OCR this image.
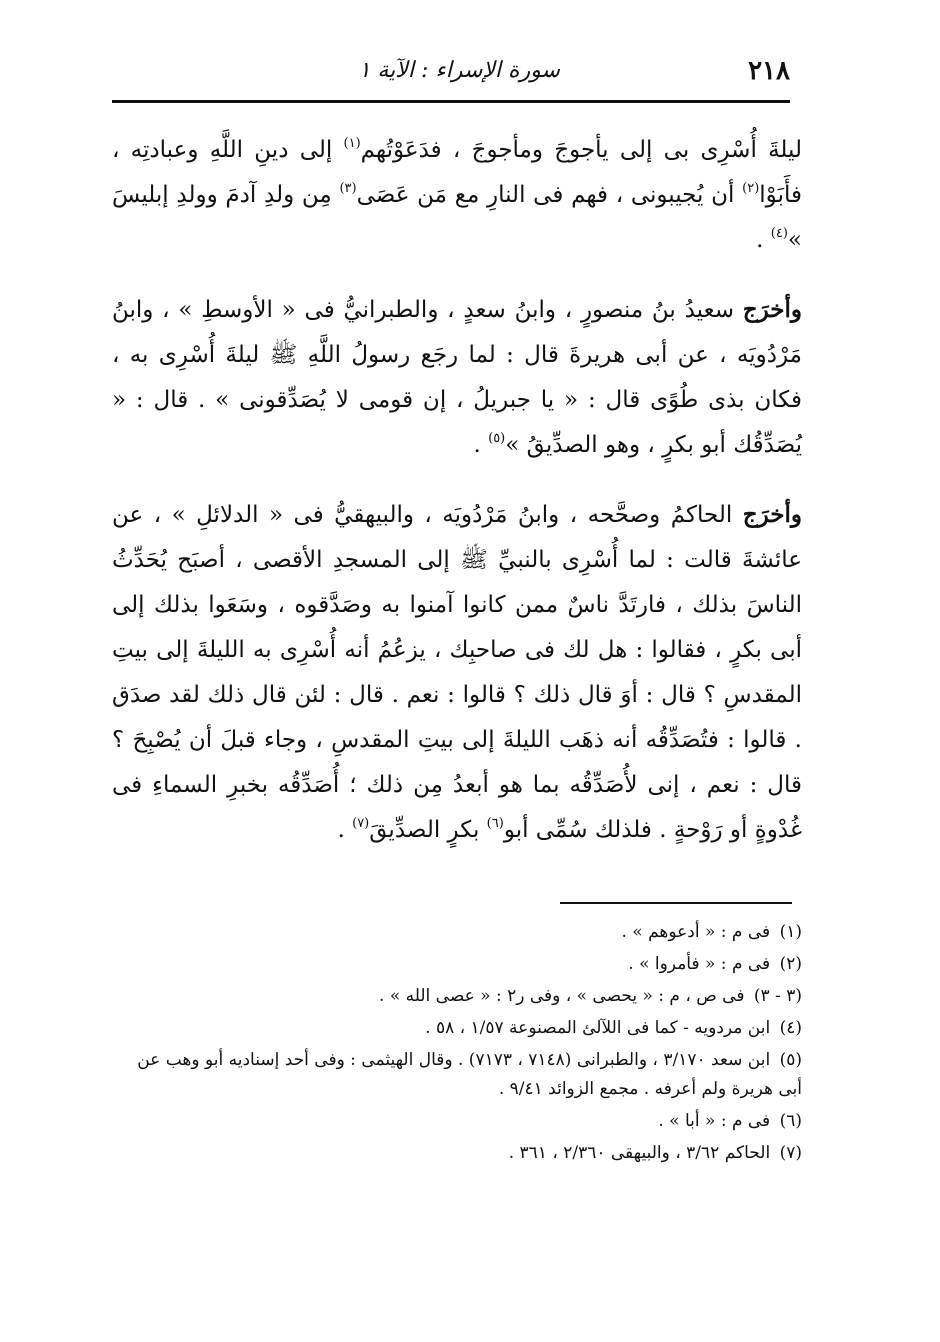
٢١٨
سورة الإسراء : الآية ١

ليلةَ أُسْرِى بى إلى يأجوجَ ومأجوجَ ، فدَعَوْتُهم$^{(١)}$ إلى دينِ اللَّهِ وعبادتِه ، فأَبَوْا$^{(٢)}$ أن يُجيبونى ، فهم فى النارِ مع مَن عَصَى$^{(٣)}$ مِن ولدِ آدمَ وولدِ إبليسَ »$^{(٤)}$ .

وأخرَج سعيدُ بنُ منصورٍ ، وابنُ سعدٍ ، والطبرانيُّ فى « الأوسطِ » ، وابنُ مَرْدُويَه ، عن أبى هريرةَ قال : لما رجَع رسولُ اللَّهِ ﷺ ليلةَ أُسْرِى به ، فكان بذى طُوًى قال : « يا جبريلُ ، إن قومى لا يُصَدِّقونى » . قال : « يُصَدِّقُك أبو بكرٍ ، وهو الصدِّيقُ »$^{(٥)}$ .

وأخرَج الحاكمُ وصحَّحه ، وابنُ مَرْدُويَه ، والبيهقيُّ فى « الدلائلِ » ، عن عائشةَ قالت : لما أُسْرِى بالنبيِّ ﷺ إلى المسجدِ الأقصى ، أصبَح يُحَدِّثُ الناسَ بذلك ، فارتَدَّ ناسٌ ممن كانوا آمنوا به وصَدَّقوه ، وسَعَوا بذلك إلى أبى بكرٍ ، فقالوا : هل لك فى صاحبِك ، يزعُمُ أنه أُسْرِى به الليلةَ إلى بيتِ المقدسِ ؟ قال : أوَ قال ذلك ؟ قالوا : نعم . قال : لئن قال ذلك لقد صدَق . قالوا : فتُصَدِّقُه أنه ذهَب الليلةَ إلى بيتِ المقدسِ ، وجاء قبلَ أن يُصْبِحَ ؟ قال : نعم ، إنى لأُصَدِّقُه بما هو أبعدُ مِن ذلك ؛ أُصَدِّقُه بخبرِ السماءِ فى غُدْوةٍ أو رَوْحةٍ . فلذلك سُمِّى أبو$^{(٦)}$ بكرٍ الصدِّيقَ$^{(٧)}$ .

(١) فى م : « أدعوهم » .
(٢) فى م : « فأمروا » .
(٣ - ٣) فى ص ، م : « يحصى » ، وفى ر٢ : « عصى الله » .
(٤) ابن مردويه - كما فى اللآلئ المصنوعة ١/٥٧ ، ٥٨ .
(٥) ابن سعد ٣/١٧٠ ، والطبرانى (٧١٤٨ ، ٧١٧٣) . وقال الهيثمى : وفى أحد إسناديه أبو وهب عن أبى هريرة ولم أعرفه . مجمع الزوائد ٩/٤١ .
(٦) فى م : « أبا » .
(٧) الحاكم ٣/٦٢ ، والبيهقى ٢/٣٦٠ ، ٣٦١ .
